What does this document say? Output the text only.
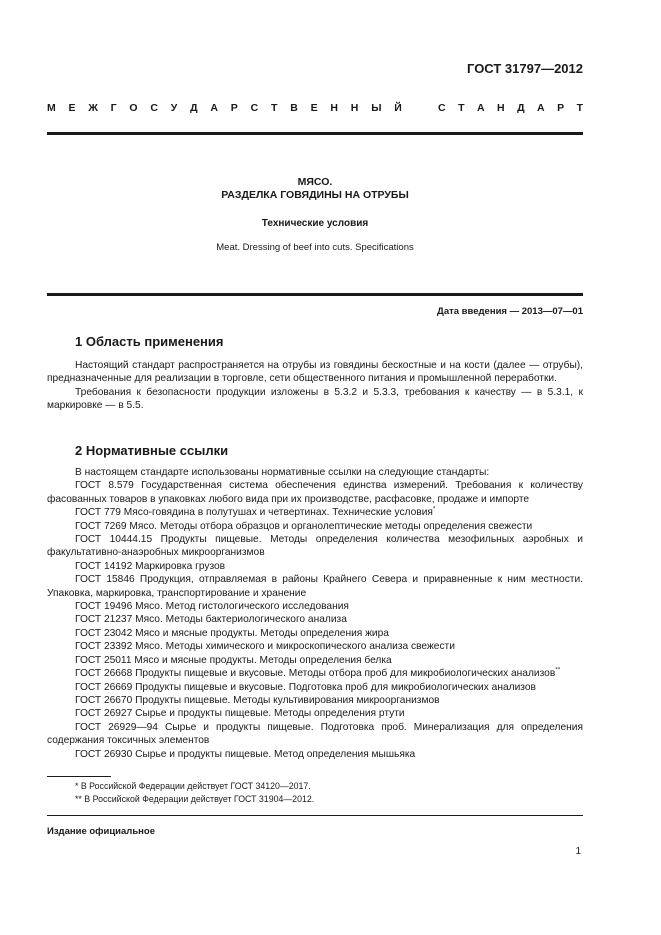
ГОСТ 31797—2012
М Е Ж Г О С У Д А Р С Т В Е Н Н Ы Й	С Т А Н Д А Р Т
МЯСО.
РАЗДЕЛКА ГОВЯДИНЫ НА ОТРУБЫ
Технические условия
Meat. Dressing of beef into cuts. Specifications
Дата введения — 2013—07—01
1 Область применения

Настоящий стандарт распространяется на отрубы из говядины бескостные и на кости (далее — отрубы), предназначенные для реализации в торговле, сети общественного питания и промышленной переработки.

Требования к безопасности продукции изложены в 5.3.2 и 5.3.3, требования к качеству — в 5.3.1, к маркировке — в 5.5.

2 Нормативные ссылки

В настоящем стандарте использованы нормативные ссылки на следующие стандарты:

ГОСТ 8.579 Государственная система обеспечения единства измерений. Требования к количеству фасованных товаров в упаковках любого вида при их производстве, расфасовке, продаже и импорте

ГОСТ 779 Мясо-говядина в полутушах и четвертинах. Технические условия*

ГОСТ 7269 Мясо. Методы отбора образцов и органолептические методы определения свежести

ГОСТ 10444.15 Продукты пищевые. Методы определения количества мезофильных аэробных и факультативно-анаэробных микроорганизмов

ГОСТ 14192 Маркировка грузов

ГОСТ 15846 Продукция, отправляемая в районы Крайнего Севера и приравненные к ним местности. Упаковка, маркировка, транспортирование и хранение

ГОСТ 19496 Мясо. Метод гистологического исследования

ГОСТ 21237 Мясо. Методы бактериологического анализа

ГОСТ 23042 Мясо и мясные продукты. Методы определения жира

ГОСТ 23392 Мясо. Методы химического и микроскопического анализа свежести

ГОСТ 25011 Мясо и мясные продукты. Методы определения белка

ГОСТ 26668 Продукты пищевые и вкусовые. Методы отбора проб для микробиологических анализов**

ГОСТ 26669 Продукты пищевые и вкусовые. Подготовка проб для микробиологических анализов

ГОСТ 26670 Продукты пищевые. Методы культивирования микроорганизмов

ГОСТ 26927 Сырье и продукты пищевые. Методы определения ртути

ГОСТ 26929—94 Сырье и продукты пищевые. Подготовка проб. Минерализация для определения содержания токсичных элементов

ГОСТ 26930 Сырье и продукты пищевые. Метод определения мышьяка

* В Российской Федерации действует ГОСТ 34120—2017.
** В Российской Федерации действует ГОСТ 31904—2012.
Издание официальное
1
